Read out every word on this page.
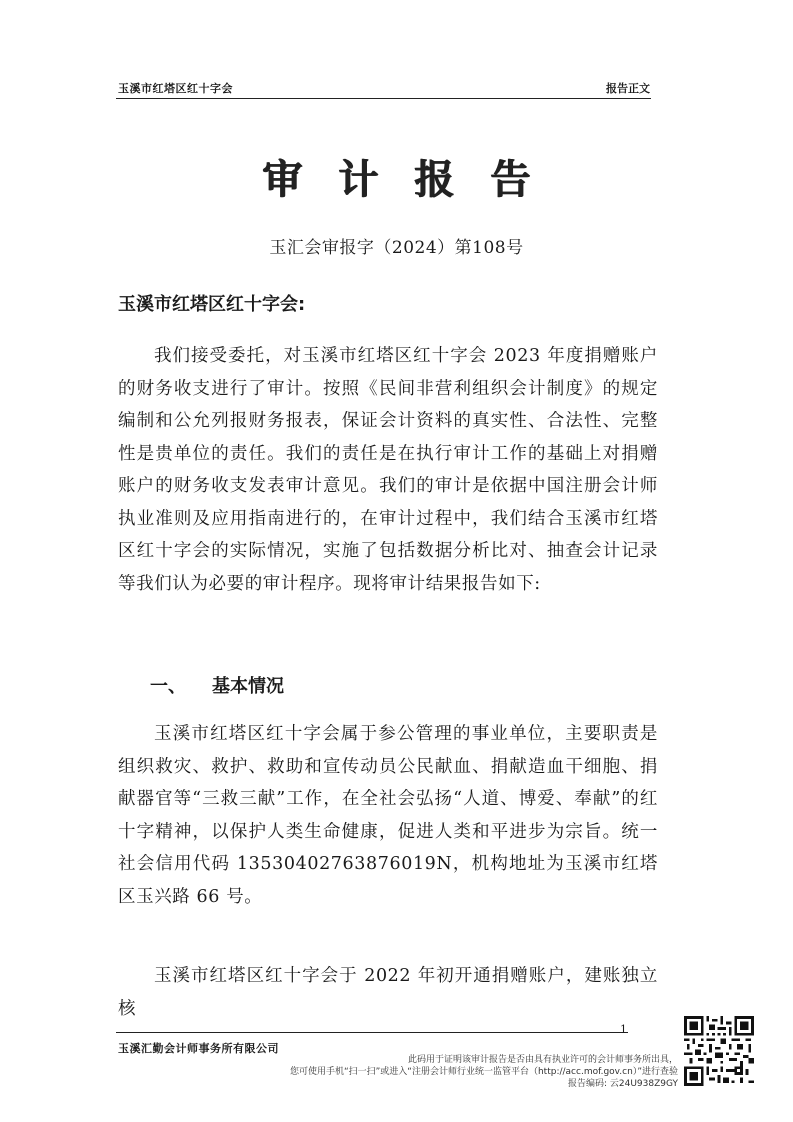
玉溪市红塔区红十字会	报告正文
审计报告
玉汇会审报字（2024）第108号
玉溪市红塔区红十字会:
我们接受委托，对玉溪市红塔区红十字会 2023 年度捐赠账户的财务收支进行了审计。按照《民间非营利组织会计制度》的规定编制和公允列报财务报表，保证会计资料的真实性、合法性、完整性是贵单位的责任。我们的责任是在执行审计工作的基础上对捐赠账户的财务收支发表审计意见。我们的审计是依据中国注册会计师执业准则及应用指南进行的，在审计过程中，我们结合玉溪市红塔区红十字会的实际情况，实施了包括数据分析比对、抽查会计记录等我们认为必要的审计程序。现将审计结果报告如下:
一、 基本情况
玉溪市红塔区红十字会属于参公管理的事业单位，主要职责是组织救灾、救护、救助和宣传动员公民献血、捐献造血干细胞、捐献器官等“三救三献”工作，在全社会弘扬“人道、博爱、奉献”的红十字精神，以保护人类生命健康，促进人类和平进步为宗旨。统一社会信用代码 13530402763876019N，机构地址为玉溪市红塔区玉兴路 66 号。
玉溪市红塔区红十字会于 2022 年初开通捐赠账户，建账独立核
1
玉溪汇勤会计师事务所有限公司
此码用于证明该审计报告是否由具有执业许可的会计师事务所出具，
您可使用手机“扫一扫”或进入“注册会计师行业统一监管平台（http://acc.mof.gov.cn）”进行查验
报告编码: 云24U938Z9GY
